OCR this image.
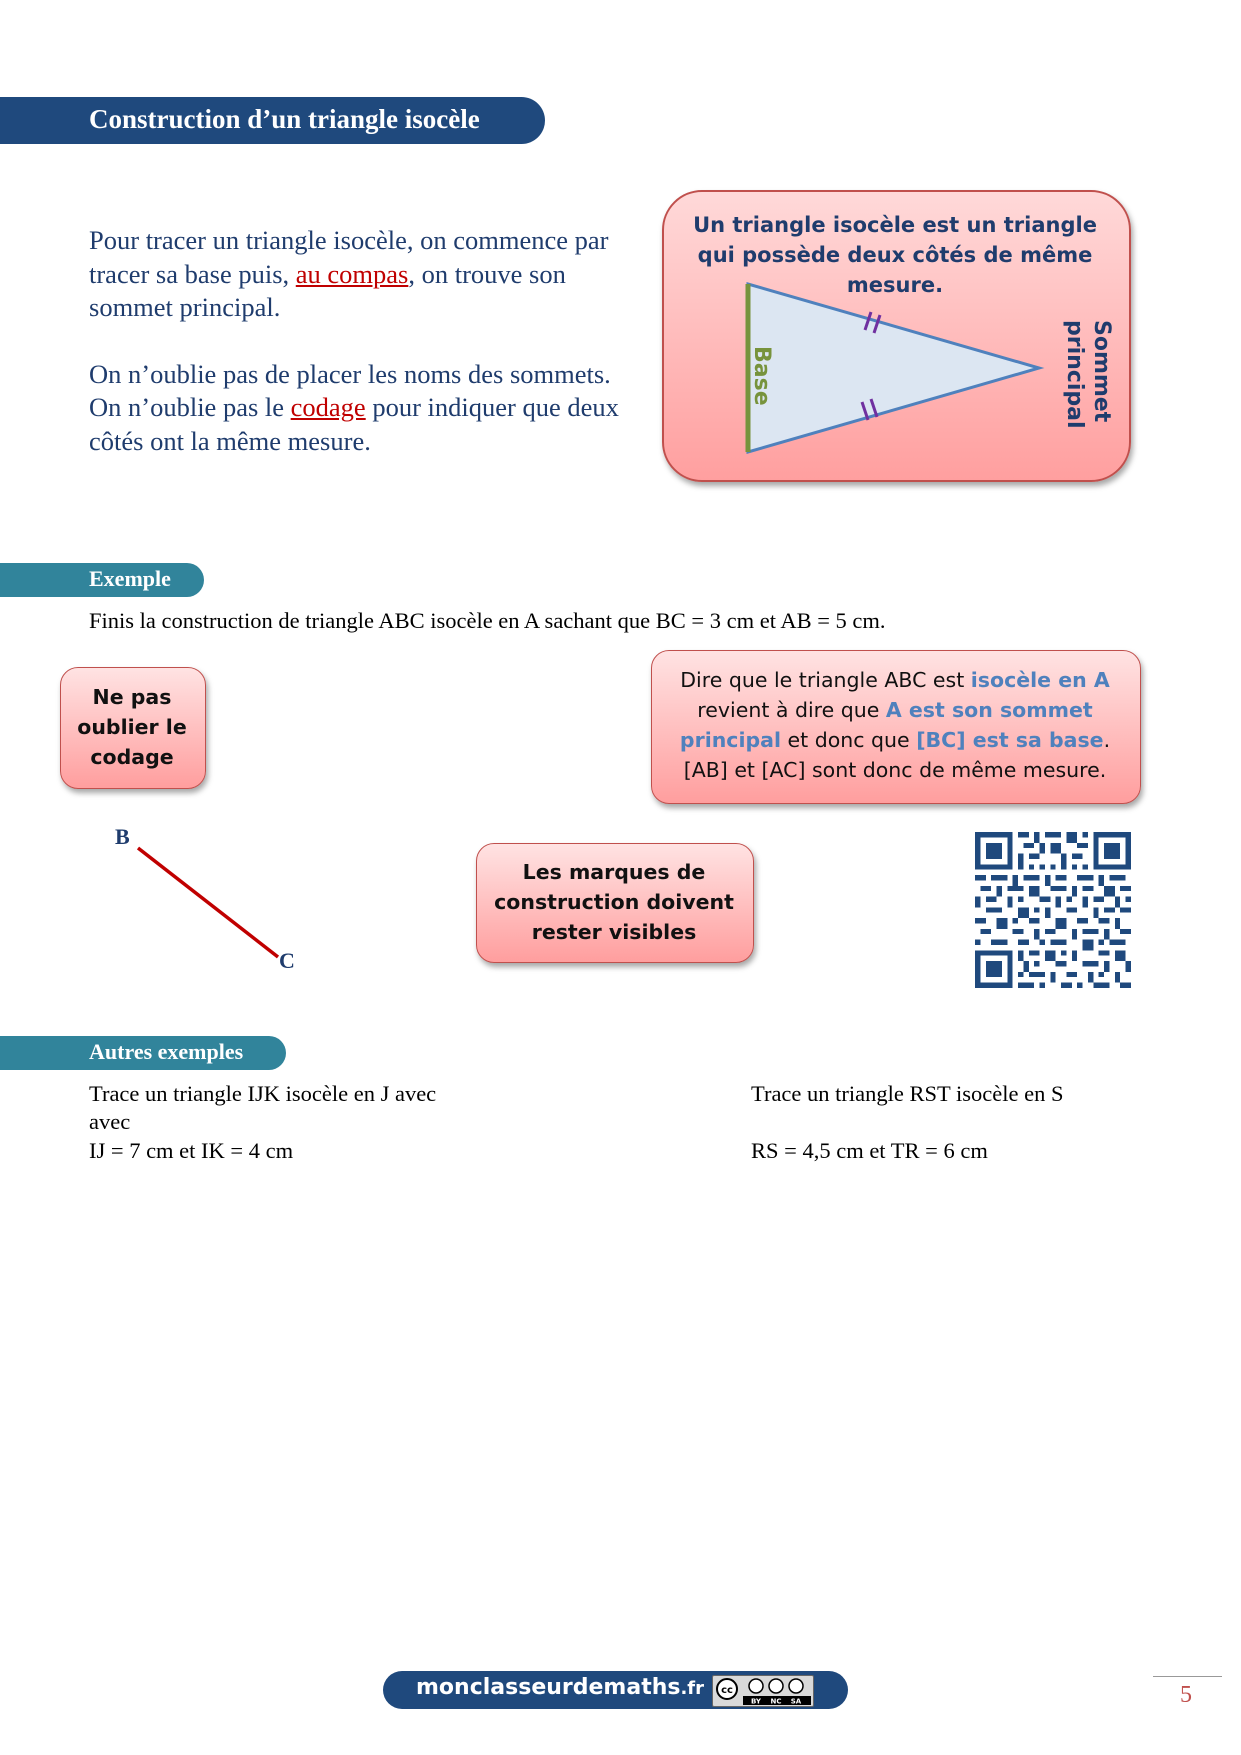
Construction d’un triangle isocèle

Pour tracer un triangle isocèle, on commence par tracer sa base puis, au compas, on trouve son sommet principal.

On n’oublie pas de placer les noms des sommets.

On n’oublie pas le codage pour indiquer que deux côtés ont la même mesure.

Un triangle isocèle est un triangle qui possède deux côtés de même mesure.
Base	Sommet
principal
Exemple
Finis la construction de triangle ABC isocèle en A sachant que BC = 3 cm et AB = 5 cm.
Ne pas oublier le codage
Dire que le triangle ABC est isocèle en A revient à dire que A est son sommet principal et donc que [BC] est sa base.
[AB] et [AC] sont donc de même mesure.
B
C
Les marques de construction doivent rester visibles
Autres exemples
Trace un triangle IJK isocèle en J avec
avec
IJ = 7 cm et IK = 4 cm
Trace un triangle RST isocèle en S
RS = 4,5 cm et TR = 6 cm
monclasseurdemaths.fr cc
BY NC SA	5
